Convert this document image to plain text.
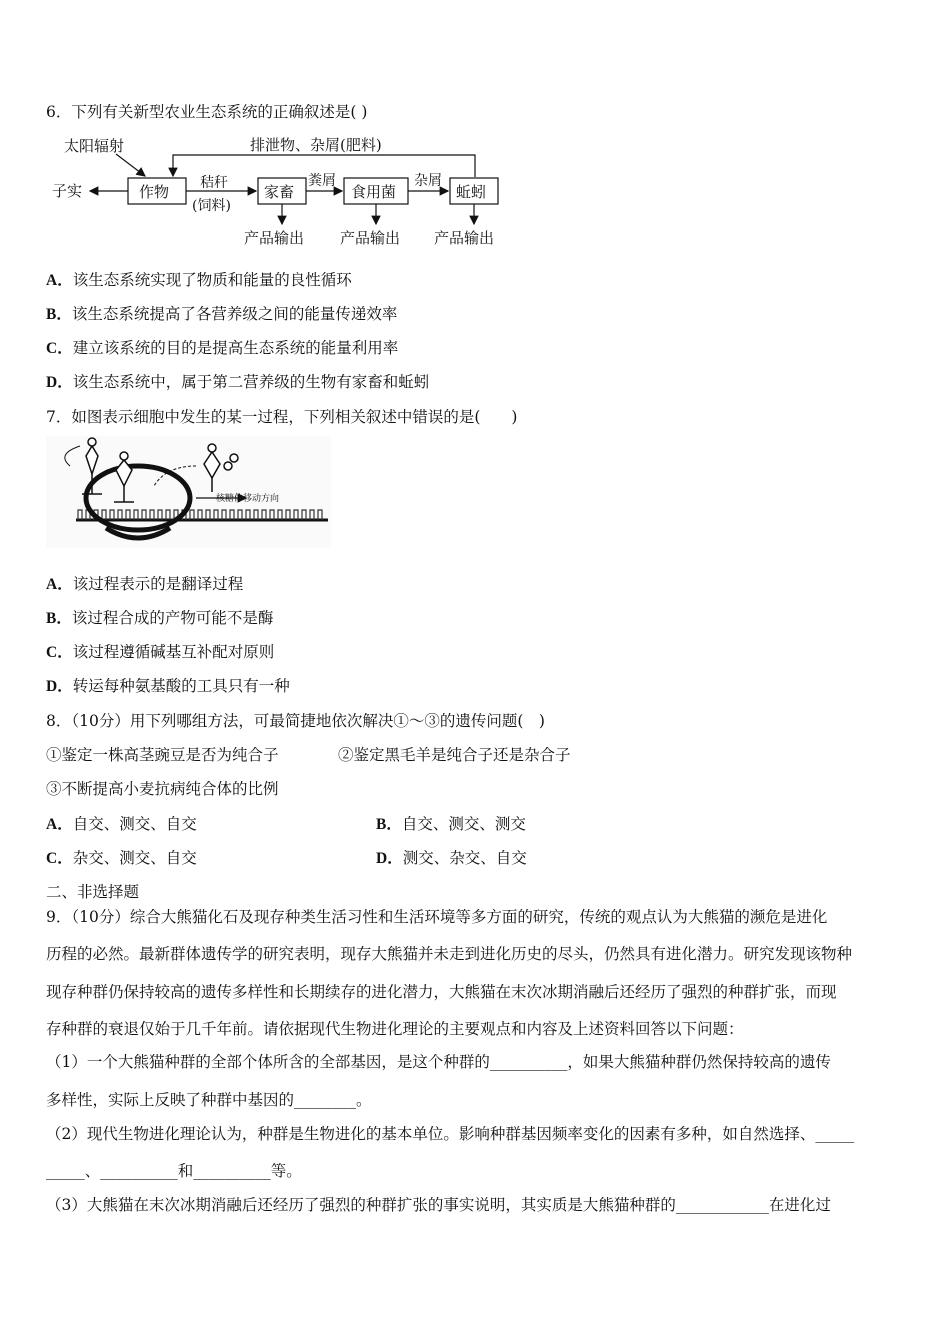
6．下列有关新型农业生态系统的正确叙述是( )
太阳辐射	排泄物、杂屑(肥料)
子实	作物 秸秆
(饲料)
家畜
粪屑
食用菌
杂屑
蚯蚓
产品输出 产品输出 产品输出
A．该生态系统实现了物质和能量的良性循环
B．该生态系统提高了各营养级之间的能量传递效率
C．建立该系统的目的是提高生态系统的能量利用率
D．该生态系统中，属于第二营养级的生物有家畜和蚯蚓
7．如图表示细胞中发生的某一过程，下列相关叙述中错误的是(　　)
核糖体移动方向
A．该过程表示的是翻译过程
B．该过程合成的产物可能不是酶
C．该过程遵循碱基互补配对原则
D．转运每种氨基酸的工具只有一种
8．（10分）用下列哪组方法，可最简捷地依次解决①～③的遗传问题(　)
①鉴定一株高茎豌豆是否为纯合子	②鉴定黑毛羊是纯合子还是杂合子
③不断提高小麦抗病纯合体的比例
A．自交、测交、自交	B．自交、测交、测交
C．杂交、测交、自交	D．测交、杂交、自交
二、非选择题
9．（10分）综合大熊猫化石及现存种类生活习性和生活环境等多方面的研究，传统的观点认为大熊猫的濒危是进化
历程的必然。最新群体遗传学的研究表明，现存大熊猫并未走到进化历史的尽头，仍然具有进化潜力。研究发现该物种
现存种群仍保持较高的遗传多样性和长期续存的进化潜力，大熊猫在末次冰期消融后还经历了强烈的种群扩张，而现
存种群的衰退仅始于几千年前。请依据现代生物进化理论的主要观点和内容及上述资料回答以下问题：
（1）一个大熊猫种群的全部个体所含的全部基因，是这个种群的__________，如果大熊猫种群仍然保持较高的遗传
多样性，实际上反映了种群中基因的________。
（2）现代生物进化理论认为，种群是生物进化的基本单位。影响种群基因频率变化的因素有多种，如自然选择、_____
_____、__________和__________等。
（3）大熊猫在末次冰期消融后还经历了强烈的种群扩张的事实说明，其实质是大熊猫种群的____________在进化过
